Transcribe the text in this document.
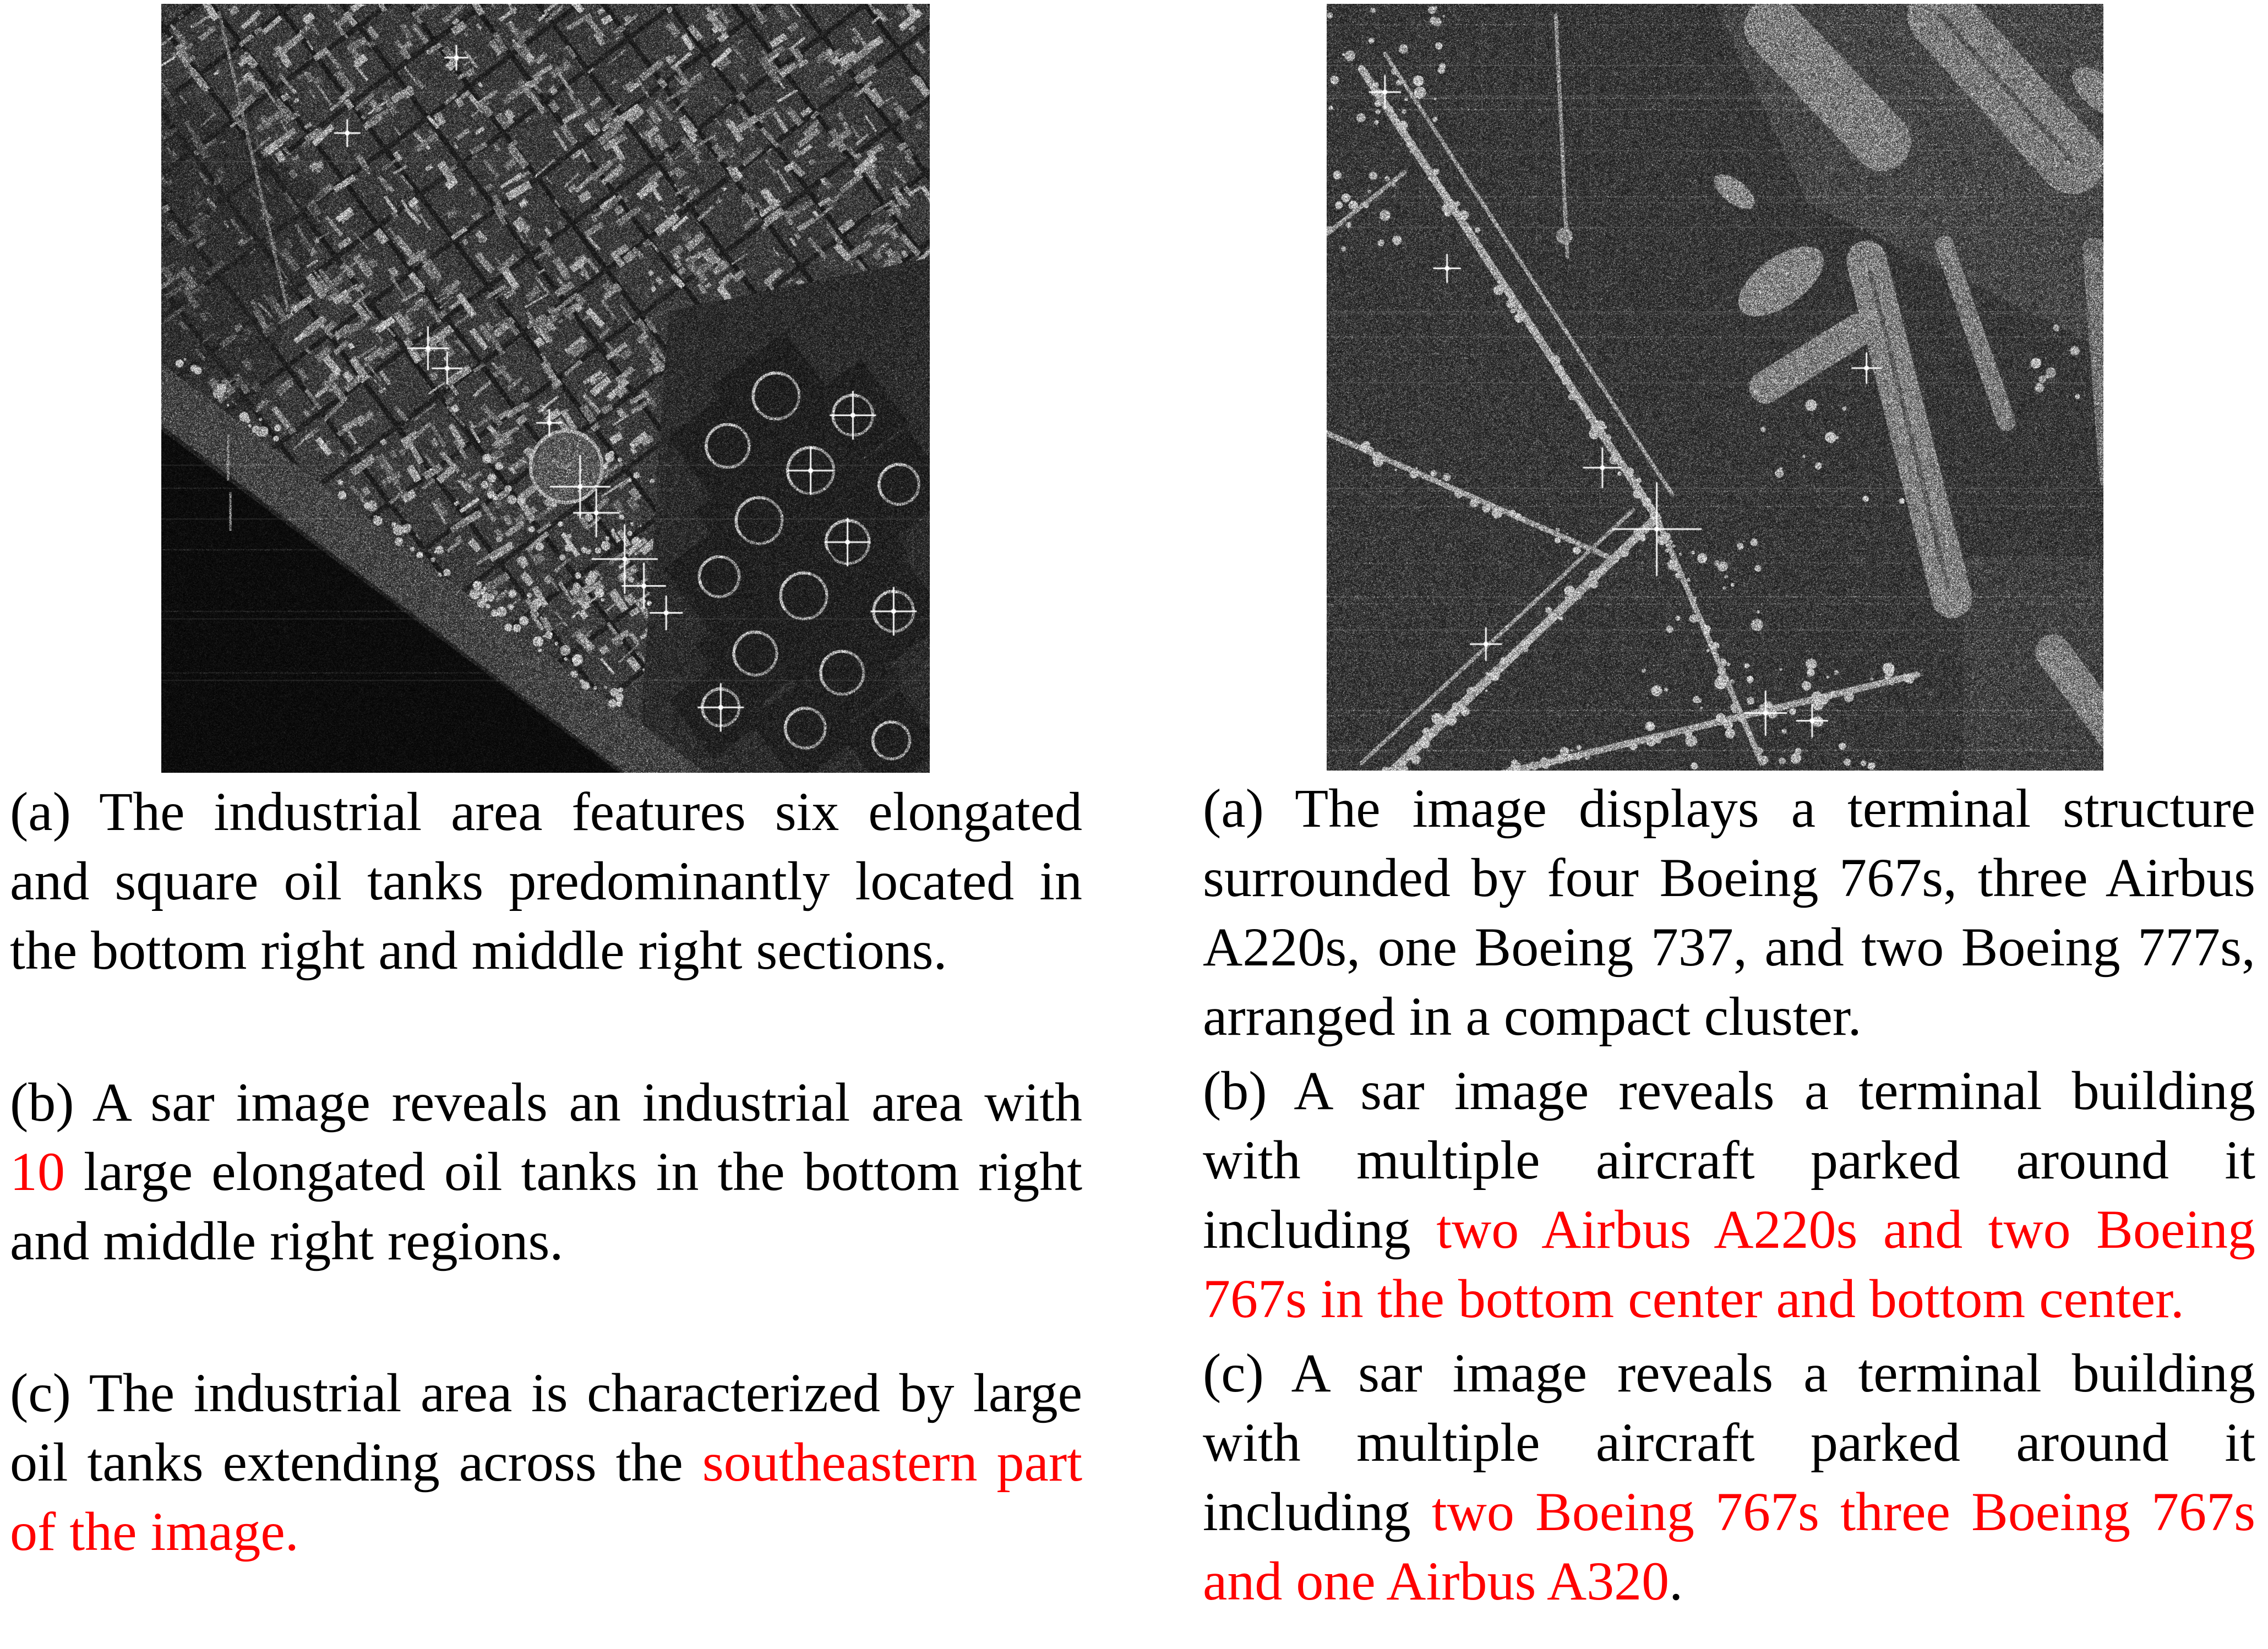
(a) The industrial area features six elongated
and square oil tanks predominantly located in
the bottom right and middle right sections.
(b) A sar image reveals an industrial area with
10 large elongated oil tanks in the bottom right
and middle right regions.
(c) The industrial area is characterized by large
oil tanks extending across the southeastern part
of the image.
(a) The image displays a terminal structure
surrounded by four Boeing 767s, three Airbus
A220s, one Boeing 737, and two Boeing 777s,
arranged in a compact cluster.
(b) A sar image reveals a terminal building
with multiple aircraft parked around it
including two Airbus A220s and two Boeing
767s in the bottom center and bottom center.
(c) A sar image reveals a terminal building
with multiple aircraft parked around it
including two Boeing 767s three Boeing 767s
and one Airbus A320.
